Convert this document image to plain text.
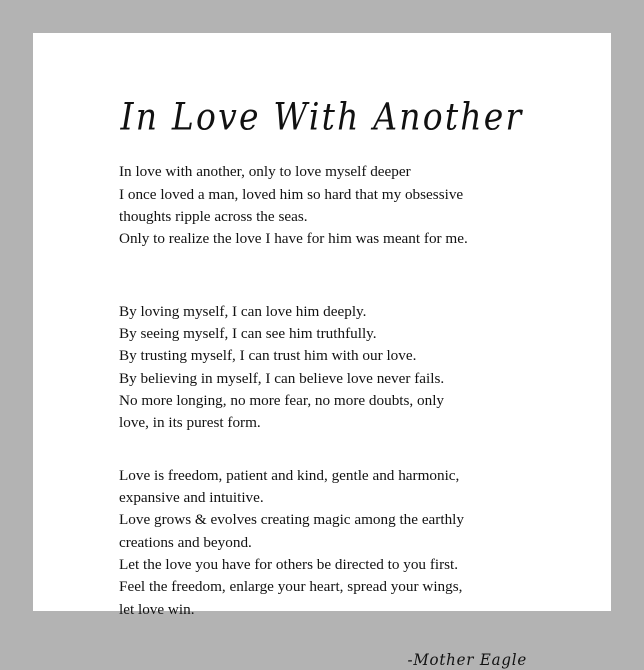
In Love With Another
In love with another, only to love myself deeper
I once loved a man, loved him so hard that my obsessive
thoughts ripple across the seas.
Only to realize the love I have for him was meant for me.
By loving myself, I can love him deeply.
By seeing myself, I can see him truthfully.
By trusting myself, I can trust him with our love.
By believing in myself, I can believe love never fails.
No more longing, no more fear, no more doubts, only
love, in its purest form.
Love is freedom, patient and kind, gentle and harmonic,
expansive and intuitive.
Love grows & evolves creating magic among the earthly
creations and beyond.
Let the love you have for others be directed to you first.
Feel the freedom, enlarge your heart, spread your wings,
let love win.
-Mother Eagle
